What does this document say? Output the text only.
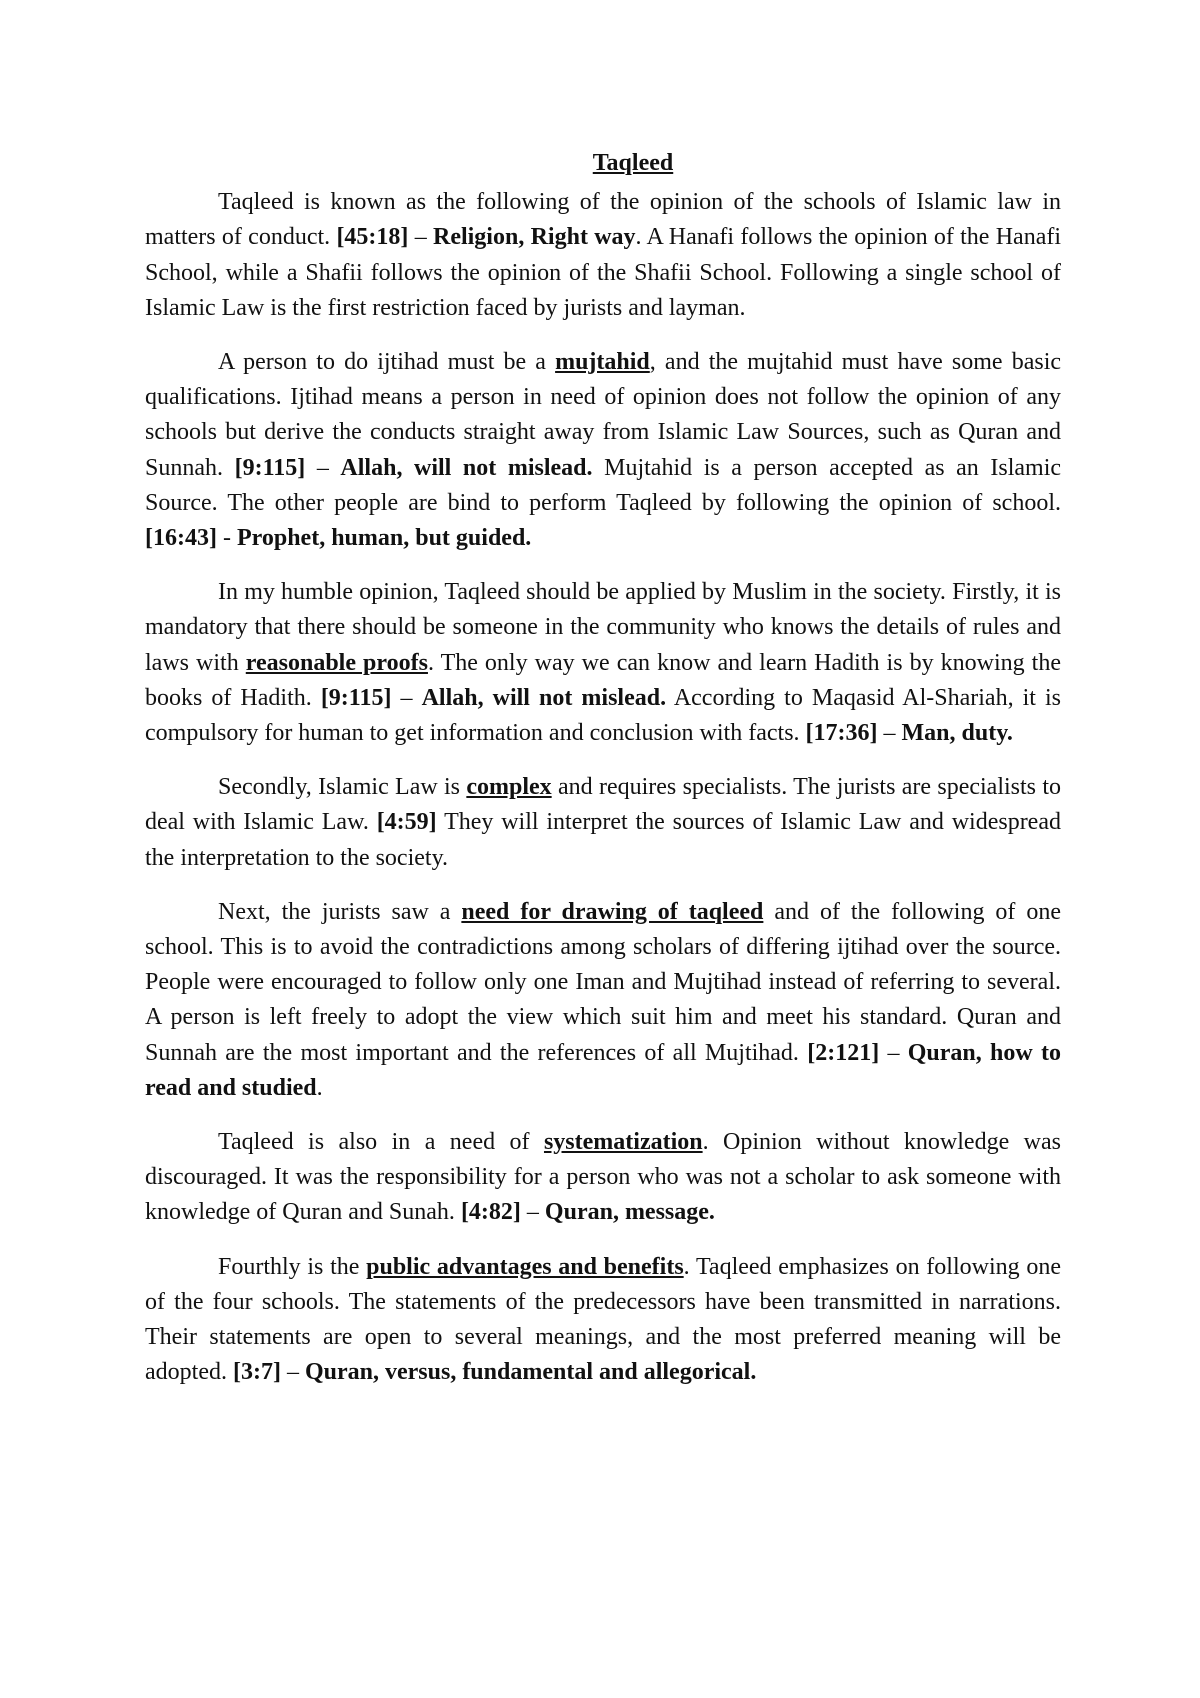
Taqleed

Taqleed is known as the following of the opinion of the schools of Islamic law in matters of conduct. [45:18] – Religion, Right way. A Hanafi follows the opinion of the Hanafi School, while a Shafii follows the opinion of the Shafii School. Following a single school of Islamic Law is the first restriction faced by jurists and layman.

A person to do ijtihad must be a mujtahid, and the mujtahid must have some basic qualifications. Ijtihad means a person in need of opinion does not follow the opinion of any schools but derive the conducts straight away from Islamic Law Sources, such as Quran and Sunnah. [9:115] – Allah, will not mislead. Mujtahid is a person accepted as an Islamic Source. The other people are bind to perform Taqleed by following the opinion of school. [16:43] - Prophet, human, but guided.

In my humble opinion, Taqleed should be applied by Muslim in the society. Firstly, it is mandatory that there should be someone in the community who knows the details of rules and laws with reasonable proofs. The only way we can know and learn Hadith is by knowing the books of Hadith. [9:115] – Allah, will not mislead. According to Maqasid Al-Shariah, it is compulsory for human to get information and conclusion with facts. [17:36] – Man, duty.

Secondly, Islamic Law is complex and requires specialists. The jurists are specialists to deal with Islamic Law. [4:59] They will interpret the sources of Islamic Law and widespread the interpretation to the society.

Next, the jurists saw a need for drawing of taqleed and of the following of one school. This is to avoid the contradictions among scholars of differing ijtihad over the source. People were encouraged to follow only one Iman and Mujtihad instead of referring to several. A person is left freely to adopt the view which suit him and meet his standard. Quran and Sunnah are the most important and the references of all Mujtihad. [2:121] – Quran, how to read and studied.

Taqleed is also in a need of systematization. Opinion without knowledge was discouraged. It was the responsibility for a person who was not a scholar to ask someone with knowledge of Quran and Sunah. [4:82] – Quran, message.

Fourthly is the public advantages and benefits. Taqleed emphasizes on following one of the four schools. The statements of the predecessors have been transmitted in narrations. Their statements are open to several meanings, and the most preferred meaning will be adopted. [3:7] – Quran, versus, fundamental and allegorical.
